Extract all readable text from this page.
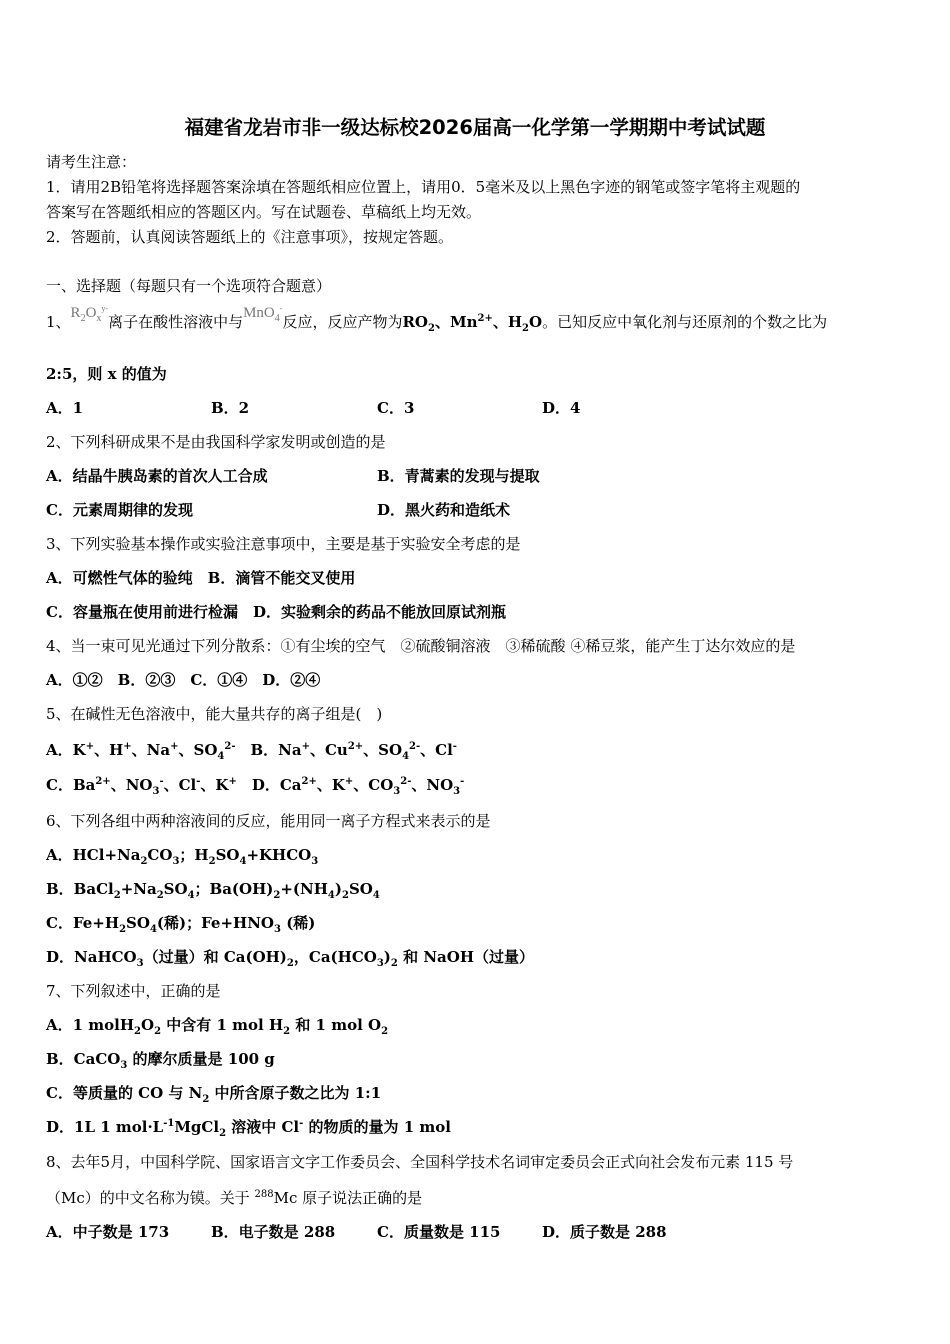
福建省龙岩市非一级达标校2026届高一化学第一学期期中考试试题
请考生注意：
1．请用2B铅笔将选择题答案涂填在答题纸相应位置上，请用0．5毫米及以上黑色字迹的钢笔或签字笔将主观题的
答案写在答题纸相应的答题区内。写在试题卷、草稿纸上均无效。
2．答题前，认真阅读答题纸上的《注意事项》，按规定答题。
一、选择题（每题只有一个选项符合题意）
1、$R_2O_x^{y-}$离子在酸性溶液中与MnO$_4$-反应，反应产物为$RO_2$、$Mn^{2+}$、$H_2O$。已知反应中氧化剂与还原剂的个数之比为
2:5，则 x 的值为
A．1	B．2	C．3	D．4
2、下列科研成果不是由我国科学家发明或创造的是
A．结晶牛胰岛素的首次人工合成	B．青蒿素的发现与提取
C．元素周期律的发现	D．黑火药和造纸术
3、下列实验基本操作或实验注意事项中，主要是基于实验安全考虑的是
A．可燃性气体的验纯　B．滴管不能交叉使用
C．容量瓶在使用前进行检漏　D．实验剩余的药品不能放回原试剂瓶
4、当一束可见光通过下列分散系：①有尘埃的空气　②硫酸铜溶液　③稀硫酸 ④稀豆浆，能产生丁达尔效应的是
A．①②　B．②③　C．①④　D．②④
5、在碱性无色溶液中，能大量共存的离子组是(　)
A．K+、H+、Na+、$SO_4^{2-}$　B．Na+、$Cu^{2+}$、$SO_4^{2-}$、Cl-
C．$Ba^{2+}$、$NO_3^-$、Cl-、K+　D．$Ca^{2+}$、K+、$CO_3^{2-}$、$NO_3^-$
6、下列各组中两种溶液间的反应，能用同一离子方程式来表示的是
A．$HCl+Na_2CO_3$；$H_2SO_4+KHCO_3$
B．$BaCl_2+Na_2SO_4$；$Ba(OH)_2+(NH_4)_2SO_4$
C．$Fe+H_2SO_4$(稀)；$Fe+HNO_3$ (稀)
D．NaHCO$_3$（过量）和 $Ca(OH)_2$，$Ca(HCO_3)_2$ 和 NaOH（过量）
7、下列叙述中，正确的是
A．1 $molH_2O_2$ 中含有 1 mol $H_2$ 和 1 mol $O_2$
B．CaCO$_3$ 的摩尔质量是 100 g
C．等质量的 CO 与 $N_2$ 中所含原子数之比为 1:1
D．1L 1 $mol\cdot L^{-1}MgCl_2$ 溶液中 Cl- 的物质的量为 1 mol
8、去年5月，中国科学院、国家语言文字工作委员会、全国科学技术名词审定委员会正式向社会发布元素 115 号
（Mc）的中文名称为镆。关于 $^{288}$Mc 原子说法正确的是
A．中子数是 173	B．电子数是 288	C．质量数是 115	D．质子数是 288
